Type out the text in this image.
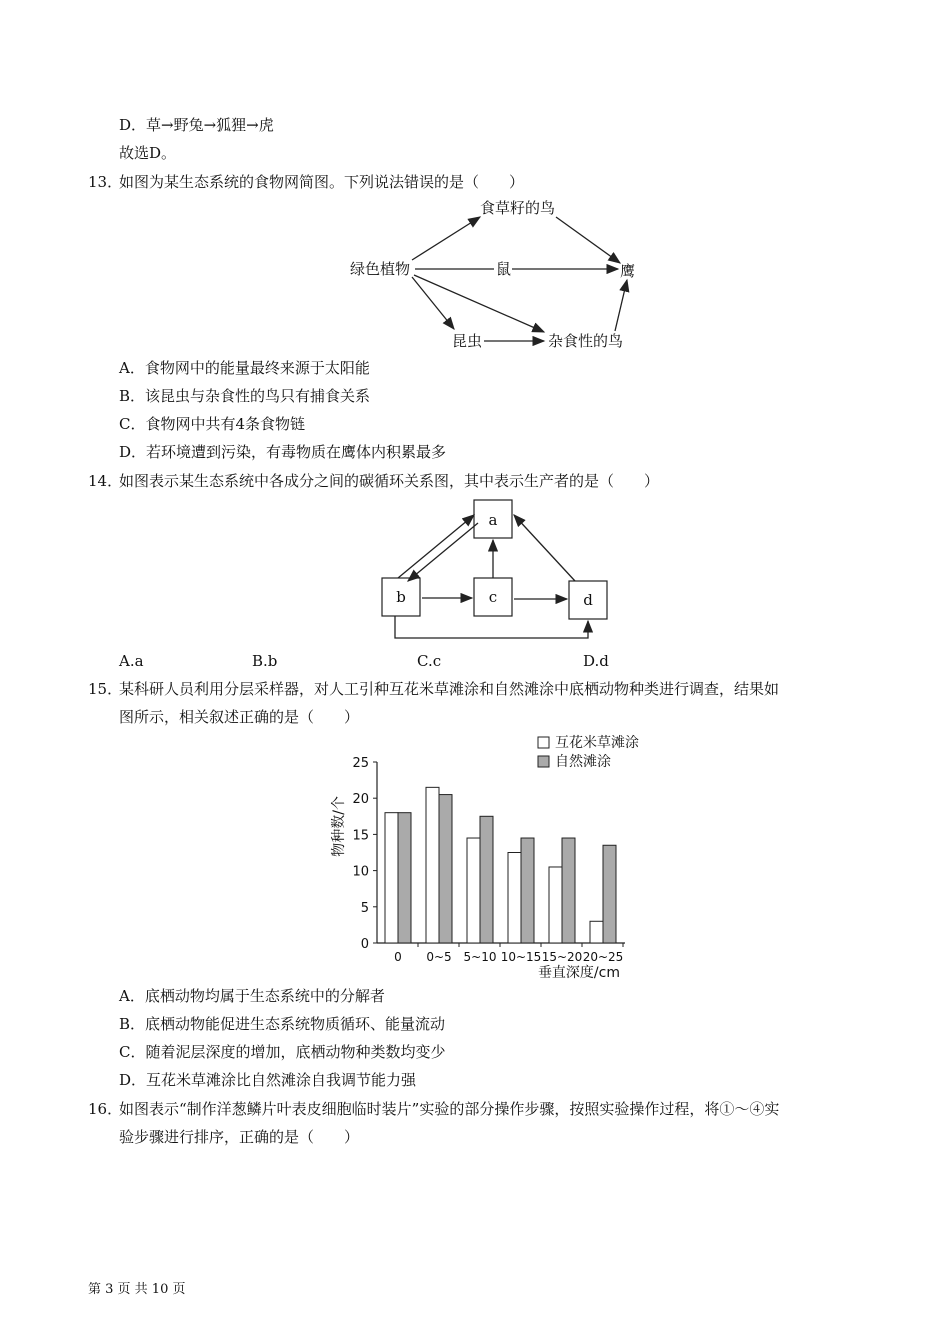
D．草→野兔→狐狸→虎
故选D。
13．
如图为某生态系统的食物网简图。下列说法错误的是（　　）
食草籽的鸟
绿色植物	鼠	鹰
昆虫	杂食性的鸟
A．食物网中的能量最终来源于太阳能
B．该昆虫与杂食性的鸟只有捕食关系
C．食物网中共有4条食物链
D．若环境遭到污染，有毒物质在鹰体内积累最多
14．
如图表示某生态系统中各成分之间的碳循环关系图，其中表示生产者的是（　　）
a
b	c	d
A.a	B.b	C.c	D.d
15．
某科研人员利用分层采样器，对人工引种互花米草滩涂和自然滩涂中底栖动物种类进行调查，结果如
图所示，相关叙述正确的是（　　）
0
5
10
15
20
25
0 0~5 5~10 10~15 15~20 20~25
物种数/个
垂直深度/cm
互花米草滩涂
自然滩涂
A．底栖动物均属于生态系统中的分解者
B．底栖动物能促进生态系统物质循环、能量流动
C．随着泥层深度的增加，底栖动物种类数均变少
D．互花米草滩涂比自然滩涂自我调节能力强
16．
如图表示“制作洋葱鳞片叶表皮细胞临时装片”实验的部分操作步骤，按照实验操作过程，将①～④实
验步骤进行排序，正确的是（　　）
第 3 页 共 10 页
